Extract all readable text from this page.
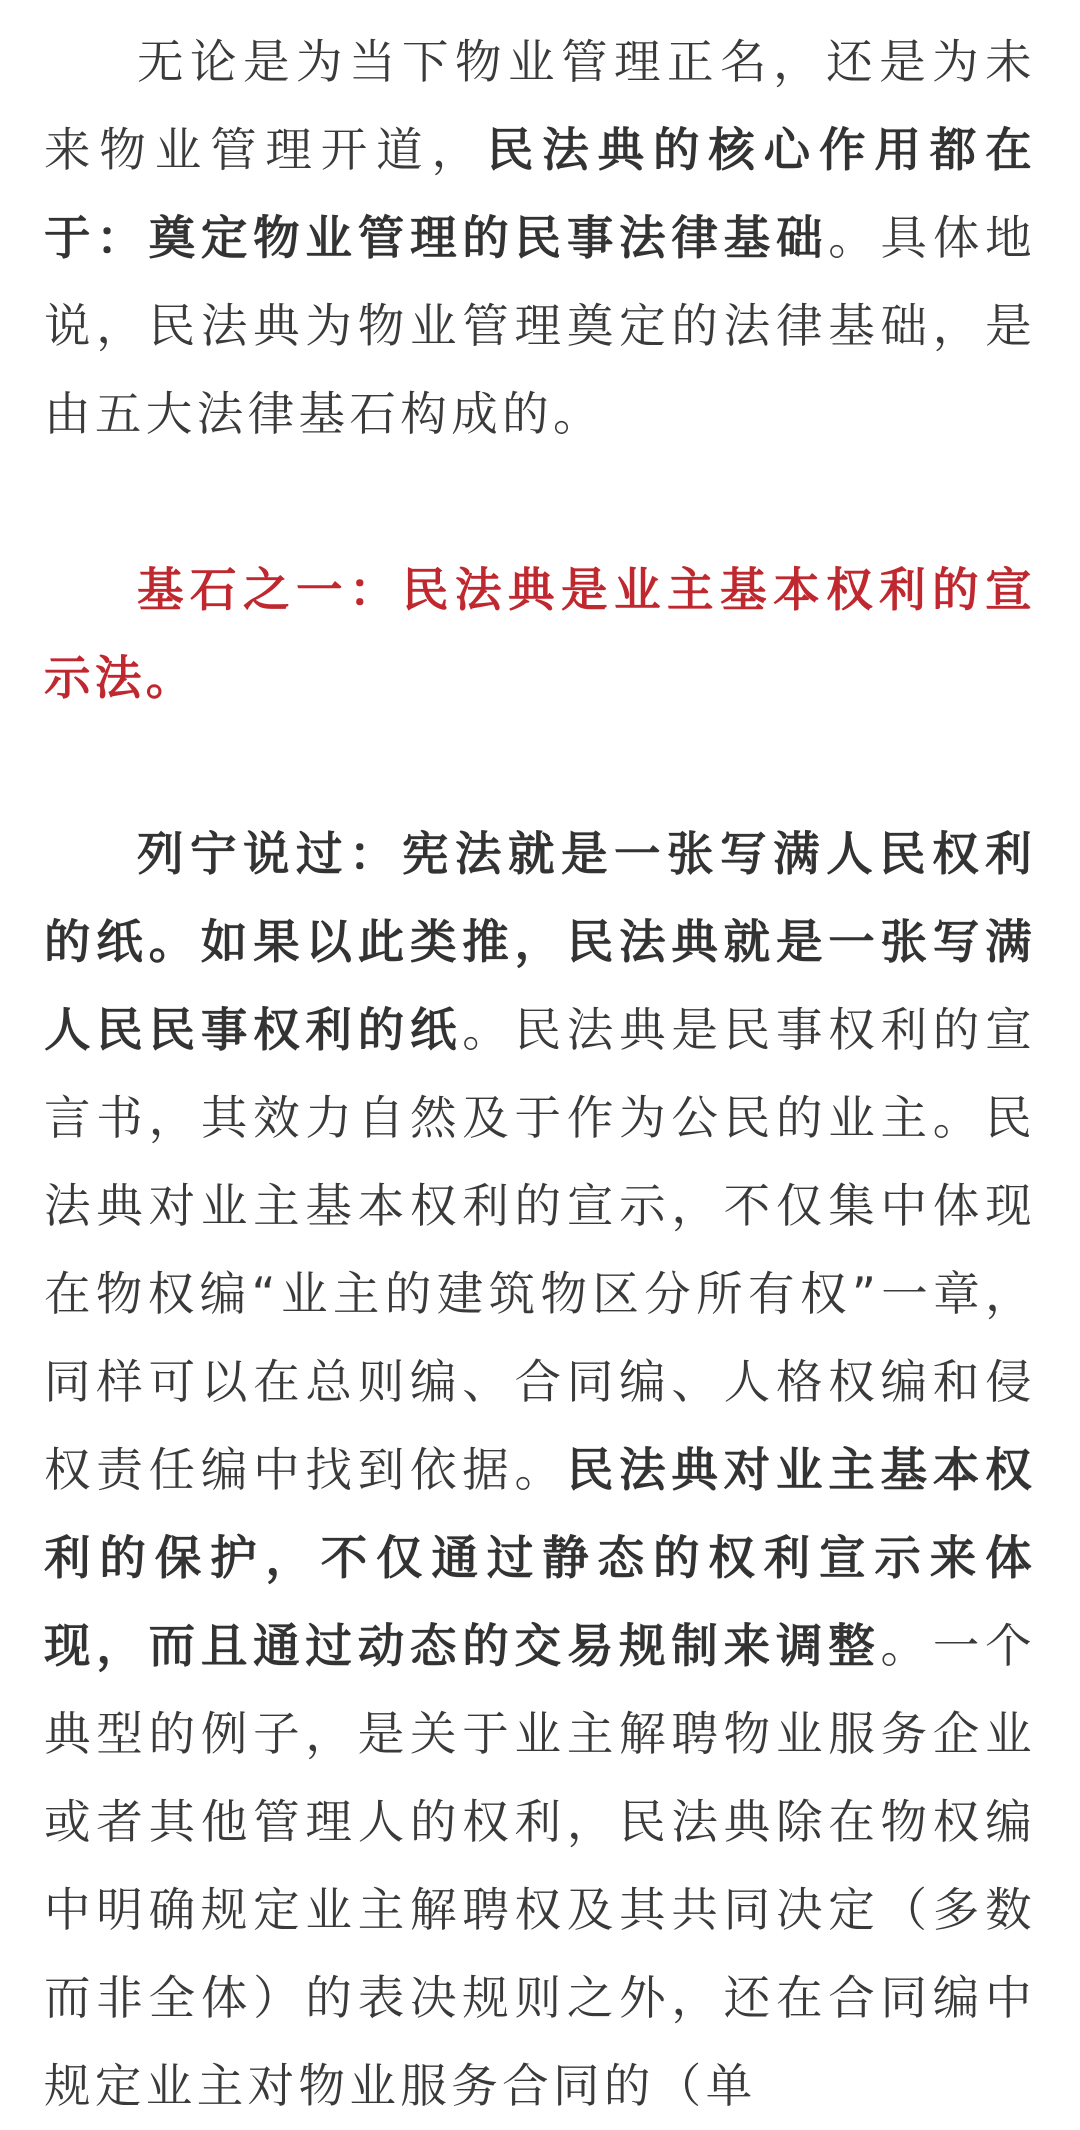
无论是为当下物业管理正名，还是为未来物业管理开道，民法典的核心作用都在于：奠定物业管理的民事法律基础。具体地说，民法典为物业管理奠定的法律基础，是由五大法律基石构成的。

基石之一：民法典是业主基本权利的宣示法。

列宁说过：宪法就是一张写满人民权利的纸。如果以此类推，民法典就是一张写满人民民事权利的纸。民法典是民事权利的宣言书，其效力自然及于作为公民的业主。民法典对业主基本权利的宣示，不仅集中体现在物权编“业主的建筑物区分所有权”一章，同样可以在总则编、合同编、人格权编和侵权责任编中找到依据。民法典对业主基本权利的保护，不仅通过静态的权利宣示来体现，而且通过动态的交易规制来调整。一个典型的例子，是关于业主解聘物业服务企业或者其他管理人的权利，民法典除在物权编中明确规定业主解聘权及其共同决定（多数而非全体）的表决规则之外，还在合同编中规定业主对物业服务合同的（单
